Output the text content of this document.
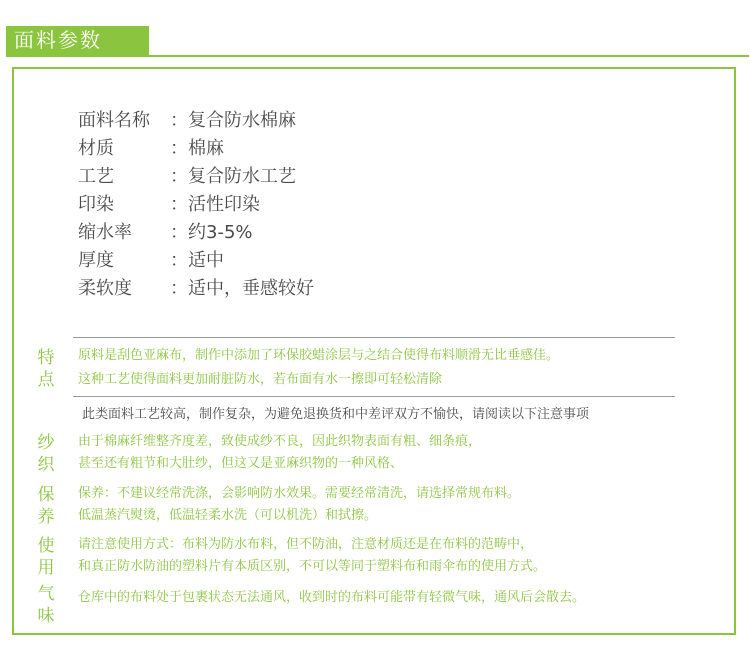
面料参数
面料名称 ： 复合防水棉麻
材质	： 棉麻
工艺	： 复合防水工艺
印染	： 活性印染
缩水率 ： 约3-5%
厚度	： 适中
柔软度 ： 适中，垂感较好
特
点
原料是刮色亚麻布，制作中添加了环保胶蜡涂层与之结合使得布料顺滑无比垂感佳。
这种工艺使得面料更加耐脏防水，若布面有水一擦即可轻松清除
此类面料工艺较高，制作复杂，为避免退换货和中差评双方不愉快，请阅读以下注意事项
纱
织
由于棉麻纤维整齐度差，致使成纱不良，因此织物表面有粗、细条痕，
甚至还有粗节和大肚纱，但这又是亚麻织物的一种风格、
保
养
保养：不建议经常洗涤，会影响防水效果。需要经常清洗，请选择常规布料。
低温蒸汽熨烫，低温轻柔水洗（可以机洗）和拭擦。
使
用
请注意使用方式：布料为防水布料，但不防油，注意材质还是在布料的范畴中，
和真正防水防油的塑料片有本质区别，不可以等同于塑料布和雨伞布的使用方式。
气
味
仓库中的布料处于包裹状态无法通风，收到时的布料可能带有轻微气味，通风后会散去。
